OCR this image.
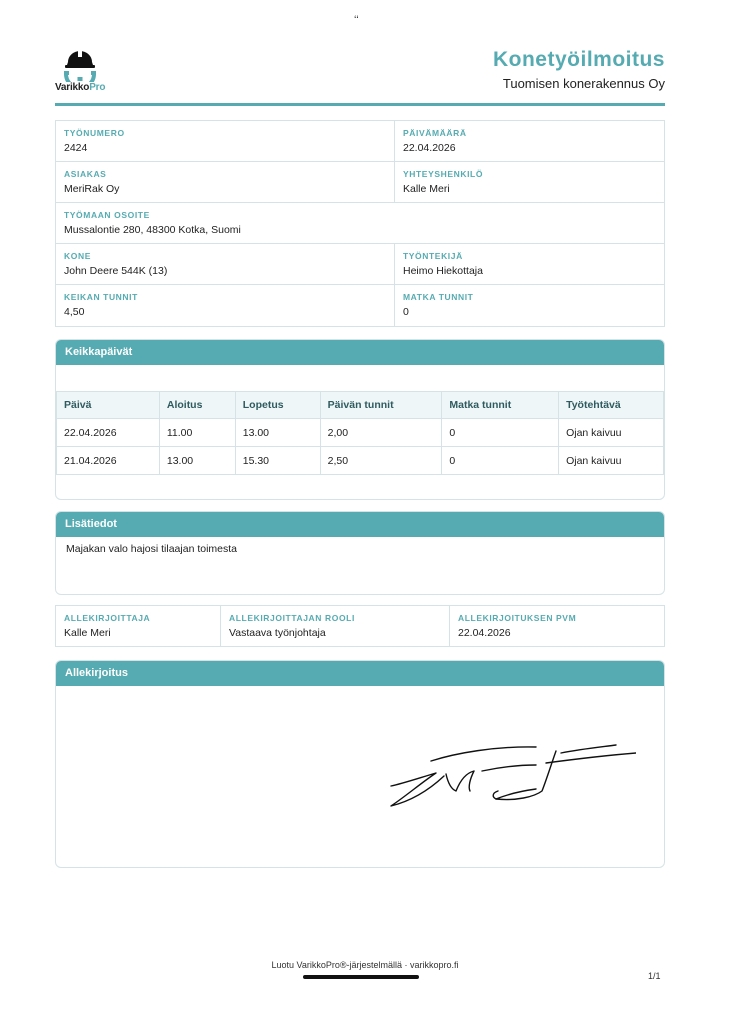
‘‘
VarikkoPro
Konetyöilmoitus
Tuomisen konerakennus Oy
TYÖNUMERO
2424
PÄIVÄMÄÄRÄ
22.04.2026
ASIAKAS
MeriRak Oy
YHTEYSHENKILÖ
Kalle Meri
TYÖMAAN OSOITE
Mussalontie 280, 48300 Kotka, Suomi
KONE
John Deere 544K (13)
TYÖNTEKIJÄ
Heimo Hiekottaja
KEIKAN TUNNIT
4,50
MATKA TUNNIT
0
Keikkapäivät
Päivä	Aloitus	Lopetus	Päivän tunnit	Matka tunnit	Työtehtävä
22.04.2026	11.00	13.00	2,00	0	Ojan kaivuu
21.04.2026	13.00	15.30	2,50	0	Ojan kaivuu
Lisätiedot
Majakan valo hajosi tilaajan toimesta
ALLEKIRJOITTAJA
Kalle Meri
ALLEKIRJOITTAJAN ROOLI
Vastaava työnjohtaja
ALLEKIRJOITUKSEN PVM
22.04.2026
Allekirjoitus
Luotu VarikkoPro®-järjestelmällä · varikkopro.fi
1/1
